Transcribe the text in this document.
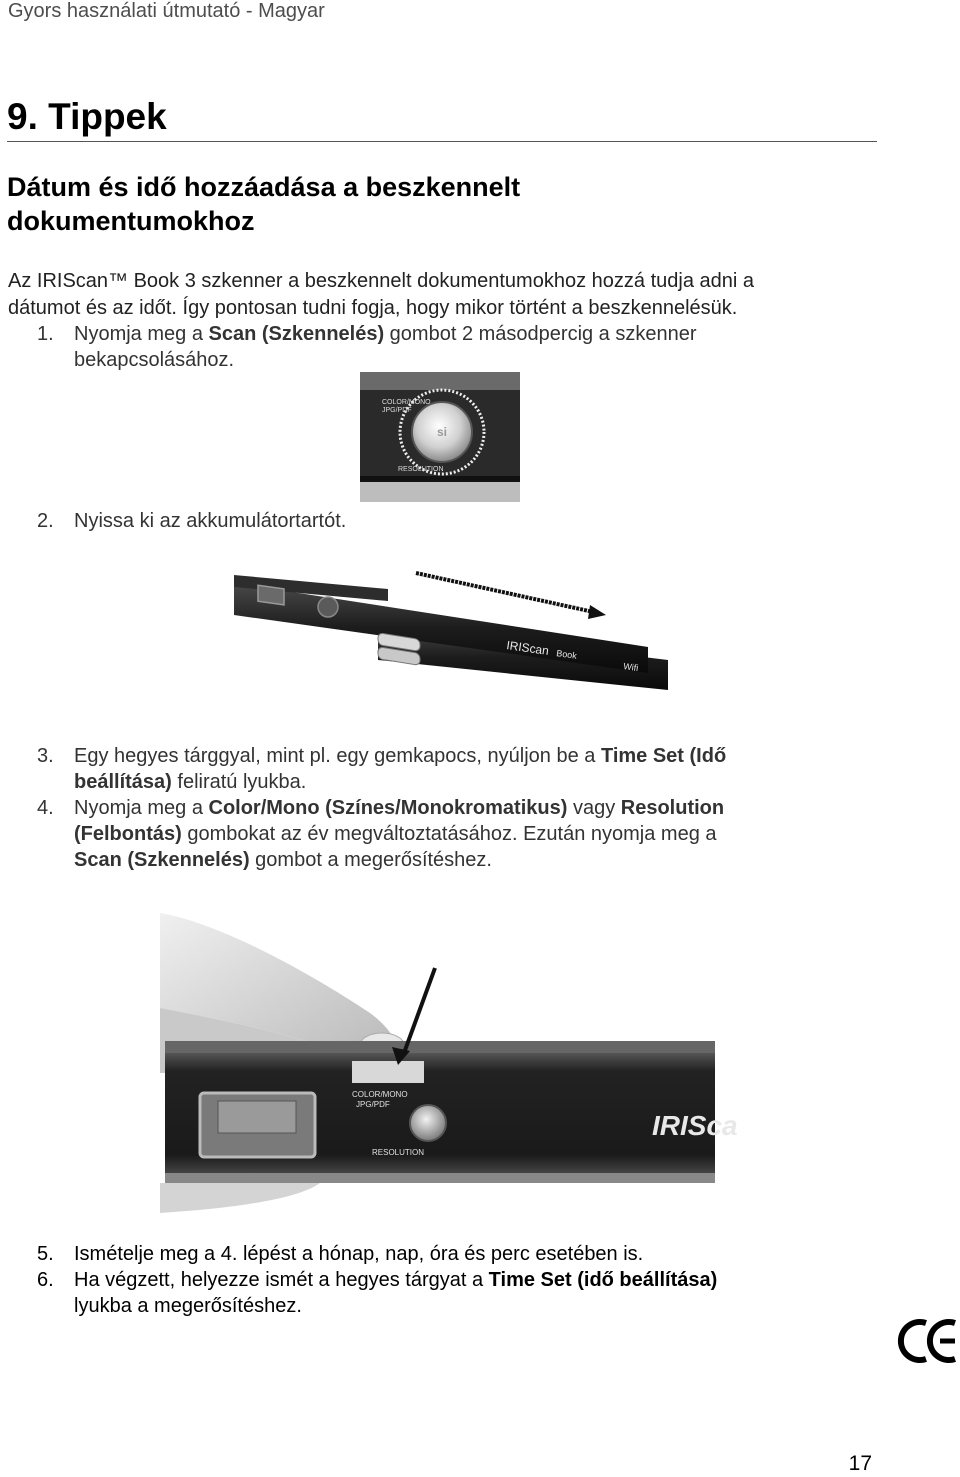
Gyors használati útmutató - Magyar
9. Tippek
Dátum és idő hozzáadása a beszkennelt dokumentumokhoz
Az IRIScan™ Book 3 szkenner a beszkennelt dokumentumokhoz hozzá tudja adni a
dátumot és az időt. Így pontosan tudni fogja, hogy mikor történt a beszkennelésük.
1.	Nyomja meg a Scan (Szkennelés) gombot 2 másodpercig a szkenner
bekapcsolásához.
si
COLOR/MONO
JPG/PDF
RESOLUTION
2.	Nyissa ki az akkumulátortartót.
IRIScan Book
Wifi
3.	Egy hegyes tárggyal, mint pl. egy gemkapocs, nyúljon be a Time Set (Idő
beállítása) feliratú lyukba.
4.	Nyomja meg a Color/Mono (Színes/Monokromatikus) vagy Resolution
(Felbontás) gombokat az év megváltoztatásához. Ezután nyomja meg a
Scan (Szkennelés) gombot a megerősítéshez.
COLOR/MONO
JPG/PDF
RESOLUTION
IRISca
5.	Ismételje meg a 4. lépést a hónap, nap, óra és perc esetében is.
6.	Ha végzett, helyezze ismét a hegyes tárgyat a Time Set (idő beállítása)
lyukba a megerősítéshez.
17
